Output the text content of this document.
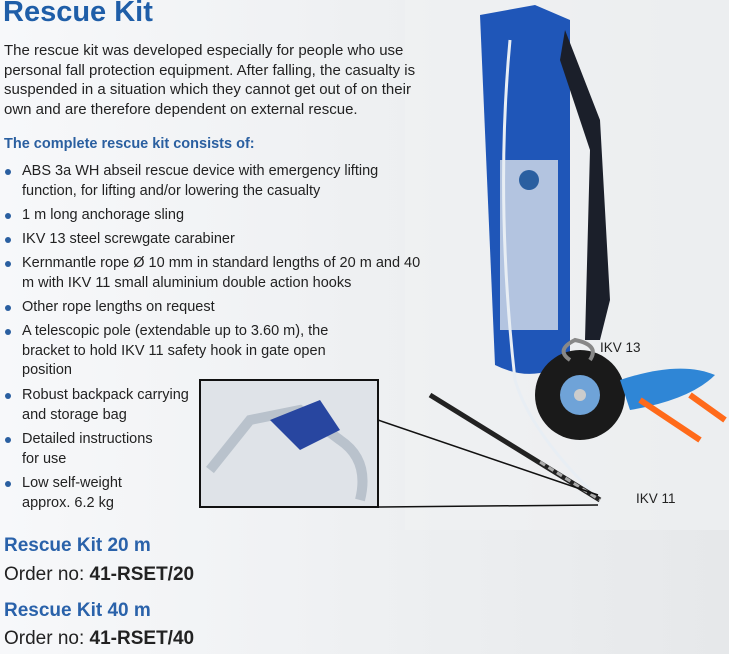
Rescue Kit
The rescue kit was developed especially for people who use personal fall protection equipment. After falling, the casualty is suspended in a situation which they cannot get out of on their own and are therefore dependent on external rescue.
The complete rescue kit consists of:
ABS 3a WH abseil rescue device with emergency lifting function, for lifting and/or lowering the casualty
1 m long anchorage sling
IKV 13 steel screwgate carabiner
Kernmantle rope Ø 10 mm in standard lengths of 20 m and 40 m with IKV 11 small aluminium double action hooks
Other rope lengths on request
A telescopic pole (extendable up to 3.60 m), the bracket to hold IKV 11 safety hook in gate open position
Robust backpack carrying and storage bag
Detailed instructions for use
Low self-weight approx. 6.2 kg
IKV 13
IKV 11
Rescue Kit 20 m
Order no: 41-RSET/20
Rescue Kit 40 m
Order no: 41-RSET/40
